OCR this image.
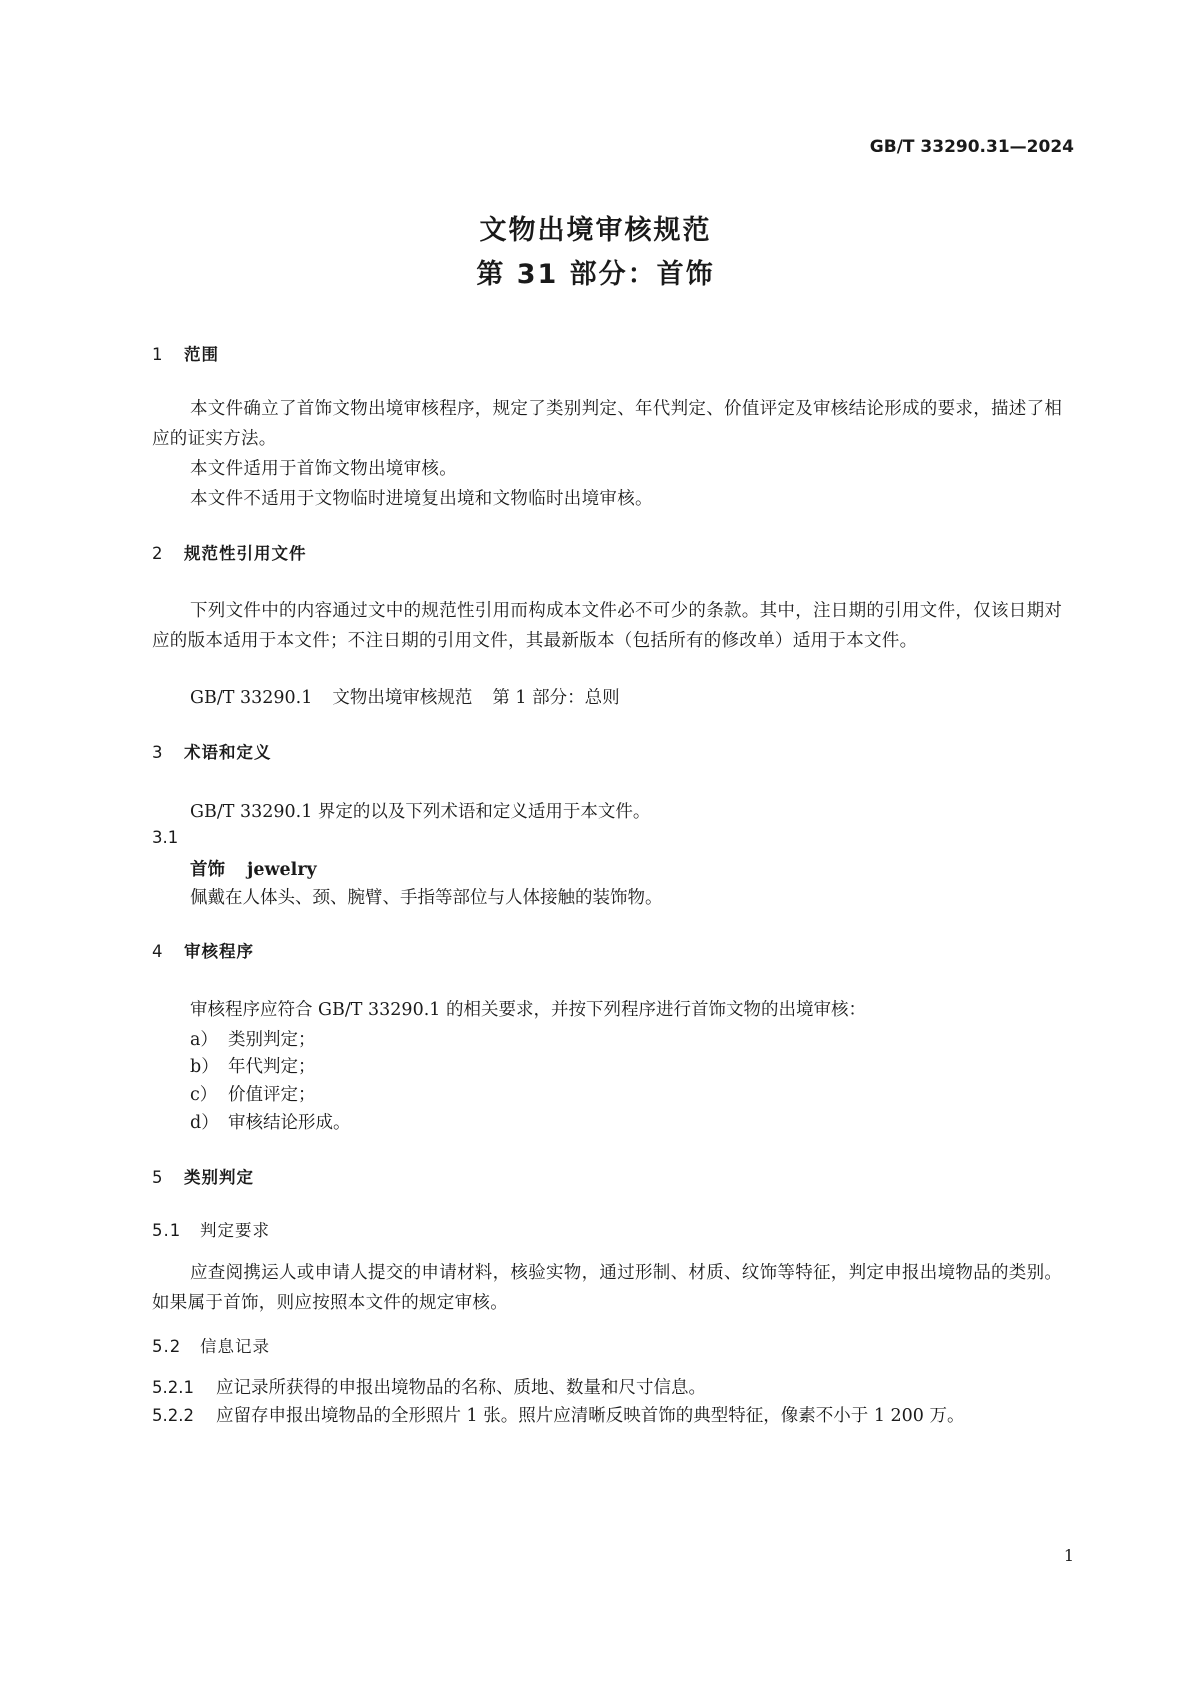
GB/T 33290.31—2024
文物出境审核规范
第 31 部分：首饰
1 范围
本文件确立了首饰文物出境审核程序，规定了类别判定、年代判定、价值评定及审核结论形成的要求，描述了相应的证实方法。
本文件适用于首饰文物出境审核。
本文件不适用于文物临时进境复出境和文物临时出境审核。
2 规范性引用文件
下列文件中的内容通过文中的规范性引用而构成本文件必不可少的条款。其中，注日期的引用文件，仅该日期对应的版本适用于本文件；不注日期的引用文件，其最新版本（包括所有的修改单）适用于本文件。
GB/T 33290.1 文物出境审核规范 第 1 部分：总则
3 术语和定义
GB/T 33290.1 界定的以及下列术语和定义适用于本文件。
3.1
首饰 jewelry
佩戴在人体头、颈、腕臂、手指等部位与人体接触的装饰物。
4 审核程序
审核程序应符合 GB/T 33290.1 的相关要求，并按下列程序进行首饰文物的出境审核：
a） 类别判定；
b） 年代判定；
c） 价值评定；
d） 审核结论形成。
5 类别判定
5.1 判定要求
应查阅携运人或申请人提交的申请材料，核验实物，通过形制、材质、纹饰等特征，判定申报出境物品的类别。如果属于首饰，则应按照本文件的规定审核。
5.2 信息记录
5.2.1 应记录所获得的申报出境物品的名称、质地、数量和尺寸信息。
5.2.2 应留存申报出境物品的全形照片 1 张。照片应清晰反映首饰的典型特征，像素不小于 1 200 万。
1
